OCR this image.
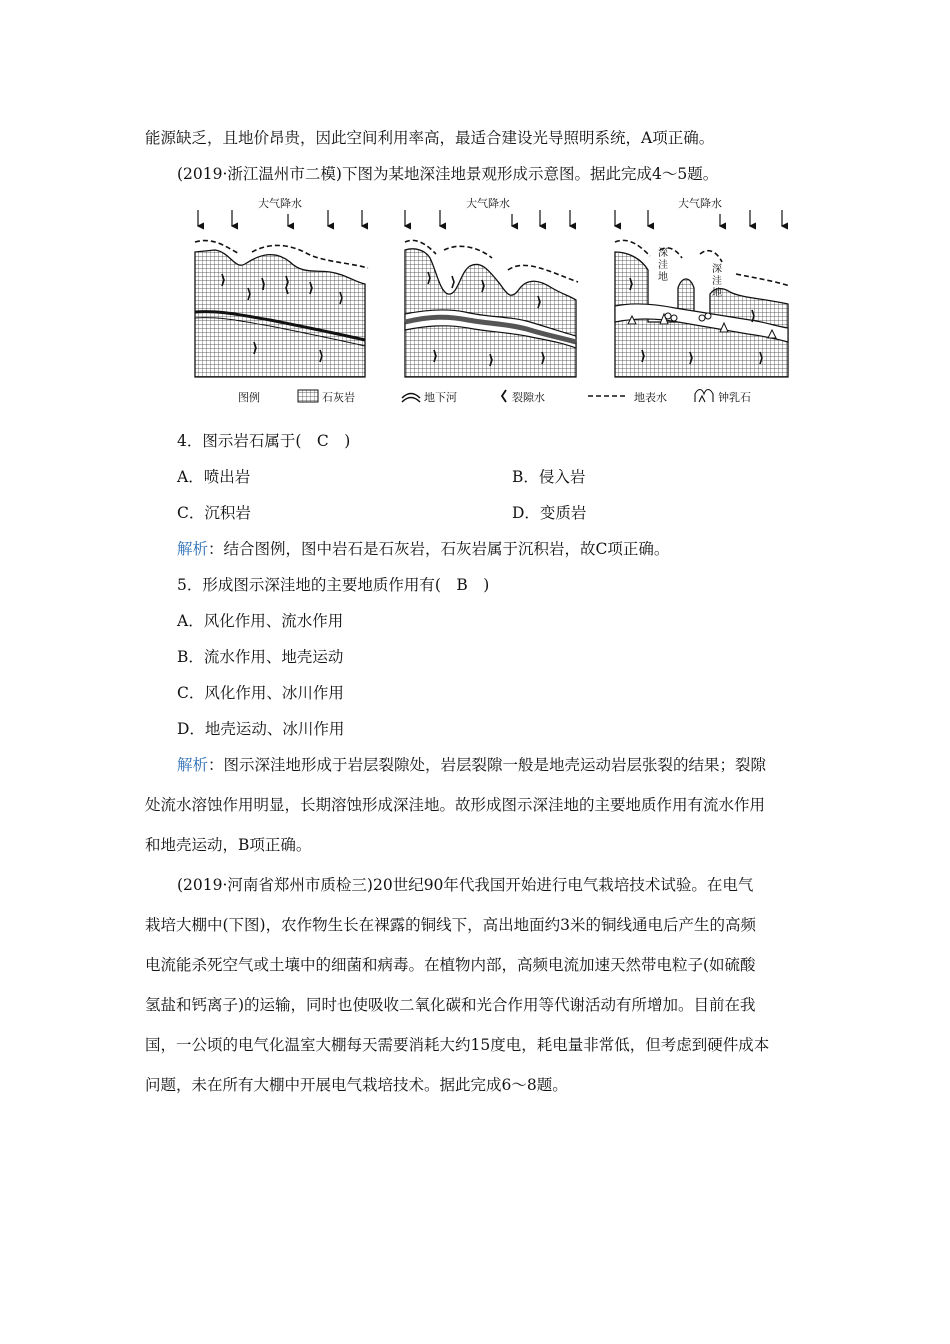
能源缺乏，且地价昂贵，因此空间利用率高，最适合建设光导照明系统，A项正确。
(2019·浙江温州市二模)下图为某地深洼地景观形成示意图。据此完成4～5题。
大气降水	大气降水	大气降水
深 洼 地
深 洼 地
图例	石灰岩	地下河	裂隙水	地表水	钟乳石
4．图示岩石属于(　C　)
A．喷出岩	B．侵入岩
C．沉积岩	D．变质岩
解析：结合图例，图中岩石是石灰岩，石灰岩属于沉积岩，故C项正确。
5．形成图示深洼地的主要地质作用有(　B　)
A．风化作用、流水作用
B．流水作用、地壳运动
C．风化作用、冰川作用
D．地壳运动、冰川作用
解析：图示深洼地形成于岩层裂隙处，岩层裂隙一般是地壳运动岩层张裂的结果；裂隙
处流水溶蚀作用明显，长期溶蚀形成深洼地。故形成图示深洼地的主要地质作用有流水作用
和地壳运动，B项正确。
(2019·河南省郑州市质检三)20世纪90年代我国开始进行电气栽培技术试验。在电气
栽培大棚中(下图)，农作物生长在裸露的铜线下，高出地面约3米的铜线通电后产生的高频
电流能杀死空气或土壤中的细菌和病毒。在植物内部，高频电流加速天然带电粒子(如硫酸
氢盐和钙离子)的运输，同时也使吸收二氧化碳和光合作用等代谢活动有所增加。目前在我
国，一公顷的电气化温室大棚每天需要消耗大约15度电，耗电量非常低，但考虑到硬件成本
问题，未在所有大棚中开展电气栽培技术。据此完成6～8题。
